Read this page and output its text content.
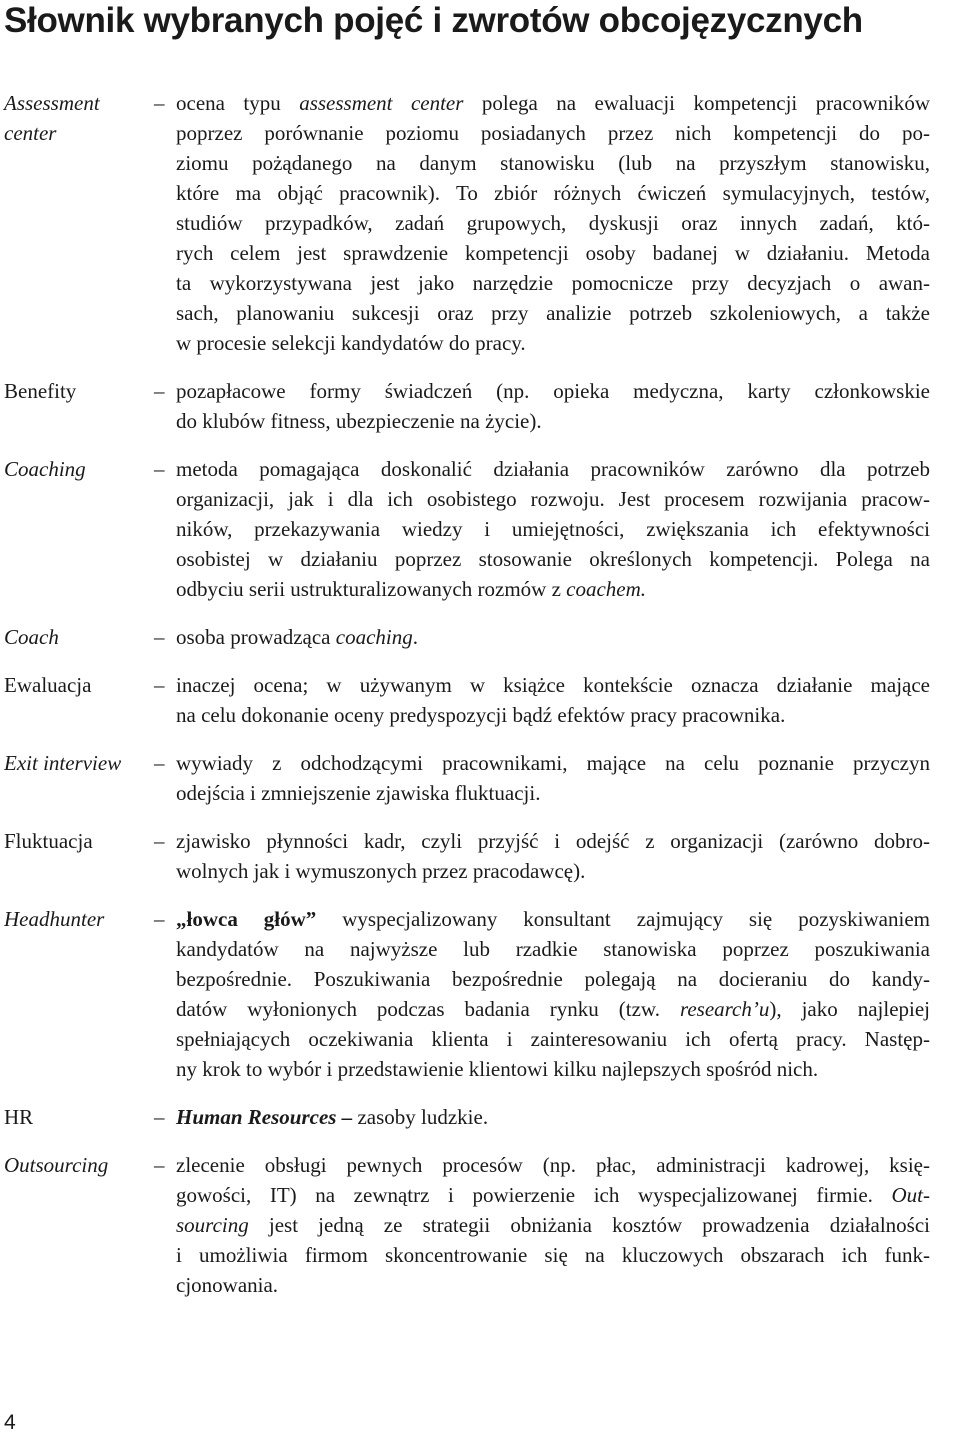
Słownik wybranych pojęć i zwrotów obcojęzycznych
Assessment center
– ocena typu assessment center polega na ewaluacji kompetencji pracowników
poprzez porównanie poziomu posiadanych przez nich kompetencji do po-
ziomu pożądanego na danym stanowisku (lub na przyszłym stanowisku,
które ma objąć pracownik). To zbiór różnych ćwiczeń symulacyjnych, testów,
studiów przypadków, zadań grupowych, dyskusji oraz innych zadań, któ-
rych celem jest sprawdzenie kompetencji osoby badanej w działaniu. Metoda
ta wykorzystywana jest jako narzędzie pomocnicze przy decyzjach o awan-
sach, planowaniu sukcesji oraz przy analizie potrzeb szkoleniowych, a także
w procesie selekcji kandydatów do pracy.
Benefity	– pozapłacowe formy świadczeń (np. opieka medyczna, karty członkowskie
do klubów fitness, ubezpieczenie na życie).
Coaching	– metoda pomagająca doskonalić działania pracowników zarówno dla potrzeb
organizacji, jak i dla ich osobistego rozwoju. Jest procesem rozwijania pracow-
ników, przekazywania wiedzy i umiejętności, zwiększania ich efektywności
osobistej w działaniu poprzez stosowanie określonych kompetencji. Polega na
odbyciu serii ustrukturalizowanych rozmów z coachem.
Coach	– osoba prowadząca coaching.
Ewaluacja	– inaczej ocena; w używanym w książce kontekście oznacza działanie mające
na celu dokonanie oceny predyspozycji bądź efektów pracy pracownika.
Exit interview	– wywiady z odchodzącymi pracownikami, mające na celu poznanie przyczyn
odejścia i zmniejszenie zjawiska fluktuacji.
Fluktuacja	– zjawisko płynności kadr, czyli przyjść i odejść z organizacji (zarówno dobro-
wolnych jak i wymuszonych przez pracodawcę).
Headhunter	– „łowca głów” wyspecjalizowany konsultant zajmujący się pozyskiwaniem
kandydatów na najwyższe lub rzadkie stanowiska poprzez poszukiwania
bezpośrednie. Poszukiwania bezpośrednie polegają na docieraniu do kandy-
datów wyłonionych podczas badania rynku (tzw. research’u), jako najlepiej
spełniających oczekiwania klienta i zainteresowaniu ich ofertą pracy. Następ-
ny krok to wybór i przedstawienie klientowi kilku najlepszych spośród nich.
HR	– Human Resources – zasoby ludzkie.
Outsourcing	– zlecenie obsługi pewnych procesów (np. płac, administracji kadrowej, księ-
gowości, IT) na zewnątrz i powierzenie ich wyspecjalizowanej firmie. Out-
sourcing jest jedną ze strategii obniżania kosztów prowadzenia działalności
i umożliwia firmom skoncentrowanie się na kluczowych obszarach ich funk-
cjonowania.
4
